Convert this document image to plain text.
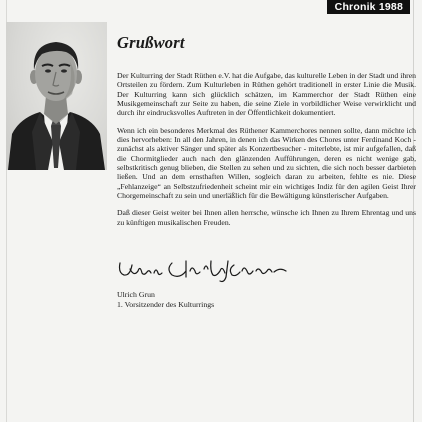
Chronik 1988
Grußwort

Der Kulturring der Stadt Rüthen e.V. hat die Aufgabe, das kulturelle Leben in der Stadt und ihren Ortsteilen zu fördern. Zum Kulturleben in Rüthen gehört traditionell in erster Linie die Musik. Der Kulturring kann sich glücklich schätzen, im Kammerchor der Stadt Rüthen eine Musikgemeinschaft zur Seite zu haben, die seine Ziele in vorbildlicher Weise verwirklicht und durch ihr eindrucksvolles Auftreten in der Öffentlichkeit dokumentiert.

Wenn ich ein besonderes Merkmal des Rüthener Kammerchores nennen sollte, dann möchte ich dies hervorheben: In all den Jahren, in denen ich das Wirken des Chores unter Ferdinand Koch - zunächst als aktiver Sänger und später als Konzertbesucher - miterlebte, ist mir aufgefallen, daß die Chormitglieder auch nach den glänzenden Aufführungen, deren es nicht wenige gab, selbstkritisch genug blieben, die Stellen zu sehen und zu sichten, die sich noch besser darbieten ließen. Und an dem ernsthaften Willen, sogleich daran zu arbeiten, fehlte es nie. Diese „Fehlanzeige“ an Selbstzufriedenheit scheint mir ein wichtiges Indiz für den agilen Geist Ihrer Chorgemeinschaft zu sein und unerläßlich für die Bewältigung künstlerischer Aufgaben.

Daß dieser Geist weiter bei Ihnen allen herrsche, wünsche ich Ihnen zu Ihrem Ehrentag und uns zu künftigen musikalischen Freuden.

Ulrich Grun
1. Vorsitzender des Kulturrings
